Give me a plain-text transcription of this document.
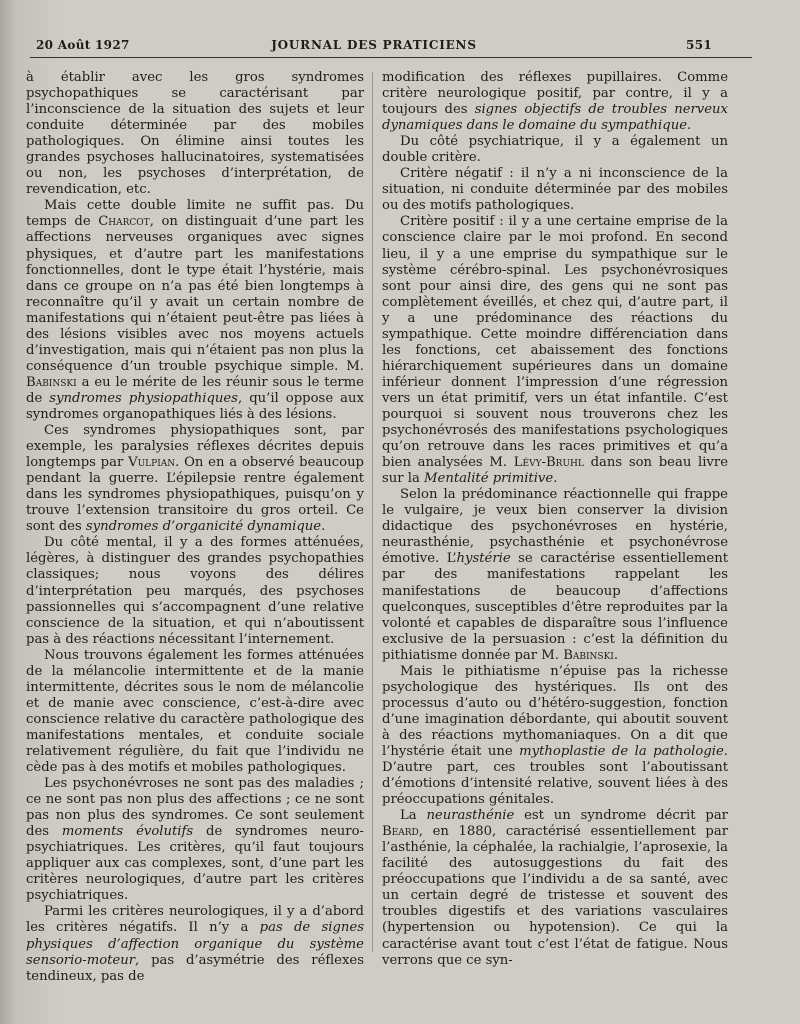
20 Août 1927	JOURNAL DES PRATICIENS	551

à établir avec les gros syndromes psychopathiques se caractérisant par l’inconscience de la situation des sujets et leur conduite déterminée par des mobiles pathologiques. On élimine ainsi toutes les grandes psychoses hallucinatoires, systematisées ou non, les psychoses d’interprétation, de revendication, etc.

Mais cette double limite ne suffit pas. Du temps de Charcot, on distinguait d’une part les affections nerveuses organiques avec signes physiques, et d’autre part les manifestations fonctionnelles, dont le type était l’hystérie, mais dans ce groupe on n’a pas été bien longtemps à reconnaître qu’il y avait un certain nombre de manifestations qui n’étaient peut-être pas liées à des lésions visibles avec nos moyens actuels d’investigation, mais qui n’étaient pas non plus la conséquence d’un trouble psychique simple. M. Babinski a eu le mérite de les réunir sous le terme de syndromes physiopathiques, qu’il oppose aux syndromes organopathiques liés à des lésions.

Ces syndromes physiopathiques sont, par exemple, les paralysies réflexes décrites depuis longtemps par Vulpian. On en a observé beaucoup pendant la guerre. L’épilepsie rentre également dans les syndromes physiopathiques, puisqu’on y trouve l’extension transitoire du gros orteil. Ce sont des syndromes d’organicité dynamique.

Du côté mental, il y a des formes atténuées, légères, à distinguer des grandes psychopathies classiques; nous voyons des délires d’interprétation peu marqués, des psychoses passionnelles qui s’accompagnent d’une relative conscience de la situation, et qui n’aboutissent pas à des réactions nécessitant l’internement.

Nous trouvons également les formes atténuées de la mélancolie intermittente et de la manie intermittente, décrites sous le nom de mélancolie et de manie avec conscience, c’est-à-dire avec conscience relative du caractère pathologique des manifestations mentales, et conduite sociale relativement régulière, du fait que l’individu ne cède pas à des motifs et mobiles pathologiques.

Les psychonévroses ne sont pas des maladies ; ce ne sont pas non plus des affections ; ce ne sont pas non plus des syndromes. Ce sont seulement des moments évolutifs de syndromes neuro-psychiatriques. Les critères, qu’il faut toujours appliquer aux cas complexes, sont, d’une part les critères neurologiques, d’autre part les critères psychiatriques.

Parmi les critères neurologiques, il y a d’abord les critères négatifs. Il n’y a pas de signes physiques d’affection organique du système sensorio-moteur, pas d’asymétrie des réflexes tendineux, pas de

modification des réflexes pupillaires. Comme critère neurologique positif, par contre, il y a toujours des signes objectifs de troubles nerveux dynamiques dans le domaine du sympathique.

Du côté psychiatrique, il y a également un double critère.

Critère négatif : il n’y a ni inconscience de la situation, ni conduite déterminée par des mobiles ou des motifs pathologiques.

Critère positif : il y a une certaine emprise de la conscience claire par le moi profond. En second lieu, il y a une emprise du sympathique sur le système cérébro-spinal. Les psychonévrosiques sont pour ainsi dire, des gens qui ne sont pas complètement éveillés, et chez qui, d’autre part, il y a une prédominance des réactions du sympathique. Cette moindre différenciation dans les fonctions, cet abaissement des fonctions hiérarchiquement supérieures dans un domaine inférieur donnent l’impression d’une régression vers un état primitif, vers un état infantile. C’est pourquoi si souvent nous trouverons chez les psychonévrosés des manifestations psychologiques qu’on retrouve dans les races primitives et qu’a bien analysées M. Lévy-Bruhl dans son beau livre sur la Mentalité primitive.

Selon la prédominance réactionnelle qui frappe le vulgaire, je veux bien conserver la division didactique des psychonévroses en hystérie, neurasthénie, psychasthénie et psychonévrose émotive. L’hystérie se caractérise essentiellement par des manifestations rappelant les manifestations de beaucoup d’affections quelconques, susceptibles d’être reproduites par la volonté et capables de disparaître sous l’influence exclusive de la persuasion : c’est la définition du pithiatisme donnée par M. Babinski.

Mais le pithiatisme n’épuise pas la richesse psychologique des hystériques. Ils ont des processus d’auto ou d’hétéro-suggestion, fonction d’une imagination débordante, qui aboutit souvent à des réactions mythomaniaques. On a dit que l’hystérie était une mythoplastie de la pathologie. D’autre part, ces troubles sont l’aboutissant d’émotions d’intensité relative, souvent liées à des préoccupations génitales.

La neurasthénie est un syndrome décrit par Beard, en 1880, caractérisé essentiellement par l’asthénie, la céphalée, la rachialgie, l’aprosexie, la facilité des autosuggestions du fait des préoccupations que l’individu a de sa santé, avec un certain degré de tristesse et souvent des troubles digestifs et des variations vasculaires (hypertension ou hypotension). Ce qui la caractérise avant tout c’est l’état de fatigue. Nous verrons que ce syn-
